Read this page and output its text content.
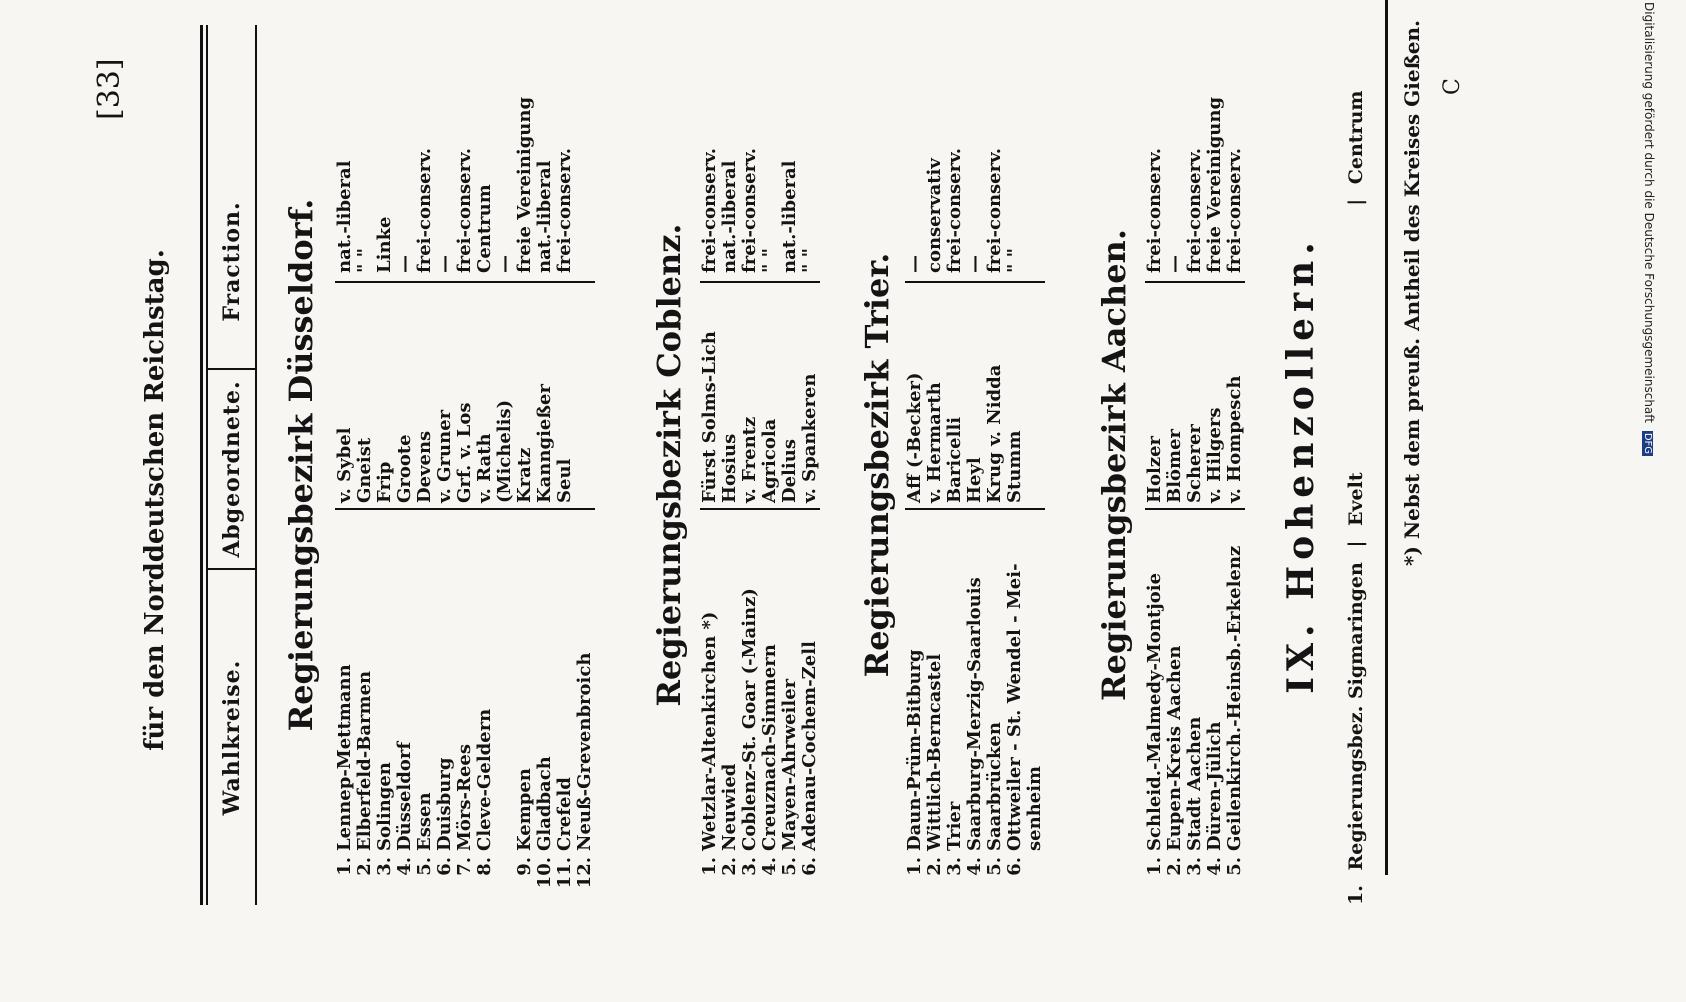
[33]
für den Norddeutschen Reichstag.	Wahlkreise.
Abgeordnete.
Fraction. Regierungsbezirk Düsseldorf.
1.
Lennep-Mettmann
v. Sybel
nat.-liberal
2.
Elberfeld-Barmen
Gneist
" "
3.
Solingen
Frip
Linke
4.
Düsseldorf
Groote
—
5.
Essen
Devens
frei-conserv.
6.
Duisburg
v. Gruner
—
7.
Mörs-Rees
Grf. v. Los
frei-conserv.
8.
Cleve-Geldern
v. Rath
Centrum
(Michelis)
—
9.
Kempen
Kratz
freie Vereinigung
10.
Gladbach
Kanngießer
nat.-liberal
11.
Crefeld
Seul
frei-conserv.
12.
Neuß-Grevenbroich
Regierungsbezirk Coblenz.
1.
Wetzlar-Altenkirchen *)
Fürst Solms-Lich
frei-conserv.
2.
Neuwied
Hosius
nat.-liberal
3.
Coblenz-St. Goar (-Mainz)
v. Frentz
frei-conserv.
4.
Creuznach-Simmern
Agricola
" "
5.
Mayen-Ahrweiler
Delius
nat.-liberal
6.
Adenau-Cochem-Zell
v. Spankeren
" " Regierungsbezirk Trier.
1.
Daun-Prüm-Bitburg
Aff (-Becker)
—
2.
Wittlich-Berncastel
v. Hermarth
conservativ
3.
Trier
Baricelli
frei-conserv.
4.
Saarburg-Merzig-Saarlouis
Heyl
—
5.
Saarbrücken
Krug v. Nidda
frei-conserv.
6.
Ottweiler - St. Wendel - Mei-
Stumm
" "
senheim
Regierungsbezirk Aachen.
1.
Schleid.-Malmedy-Montjoie
Holzer
frei-conserv.
2.
Eupen-Kreis Aachen
Blömer
—
3.
Stadt Aachen
Scherer
frei-conserv.
4.
Düren-Jülich
v. Hilgers
freie Vereinigung
5.
Geilenkirch.-Heinsb.-Erkelenz
v. Hompesch
frei-conserv.
IX. Hohenzollern.
1. Regierungsbez. Sigmaringen | Evelt | Centrum *) Nebst dem preuß. Antheil des Kreises Gießen. C	Digitalisierung gefördert durch die Deutsche Forschungsgemeinschaft DFG
